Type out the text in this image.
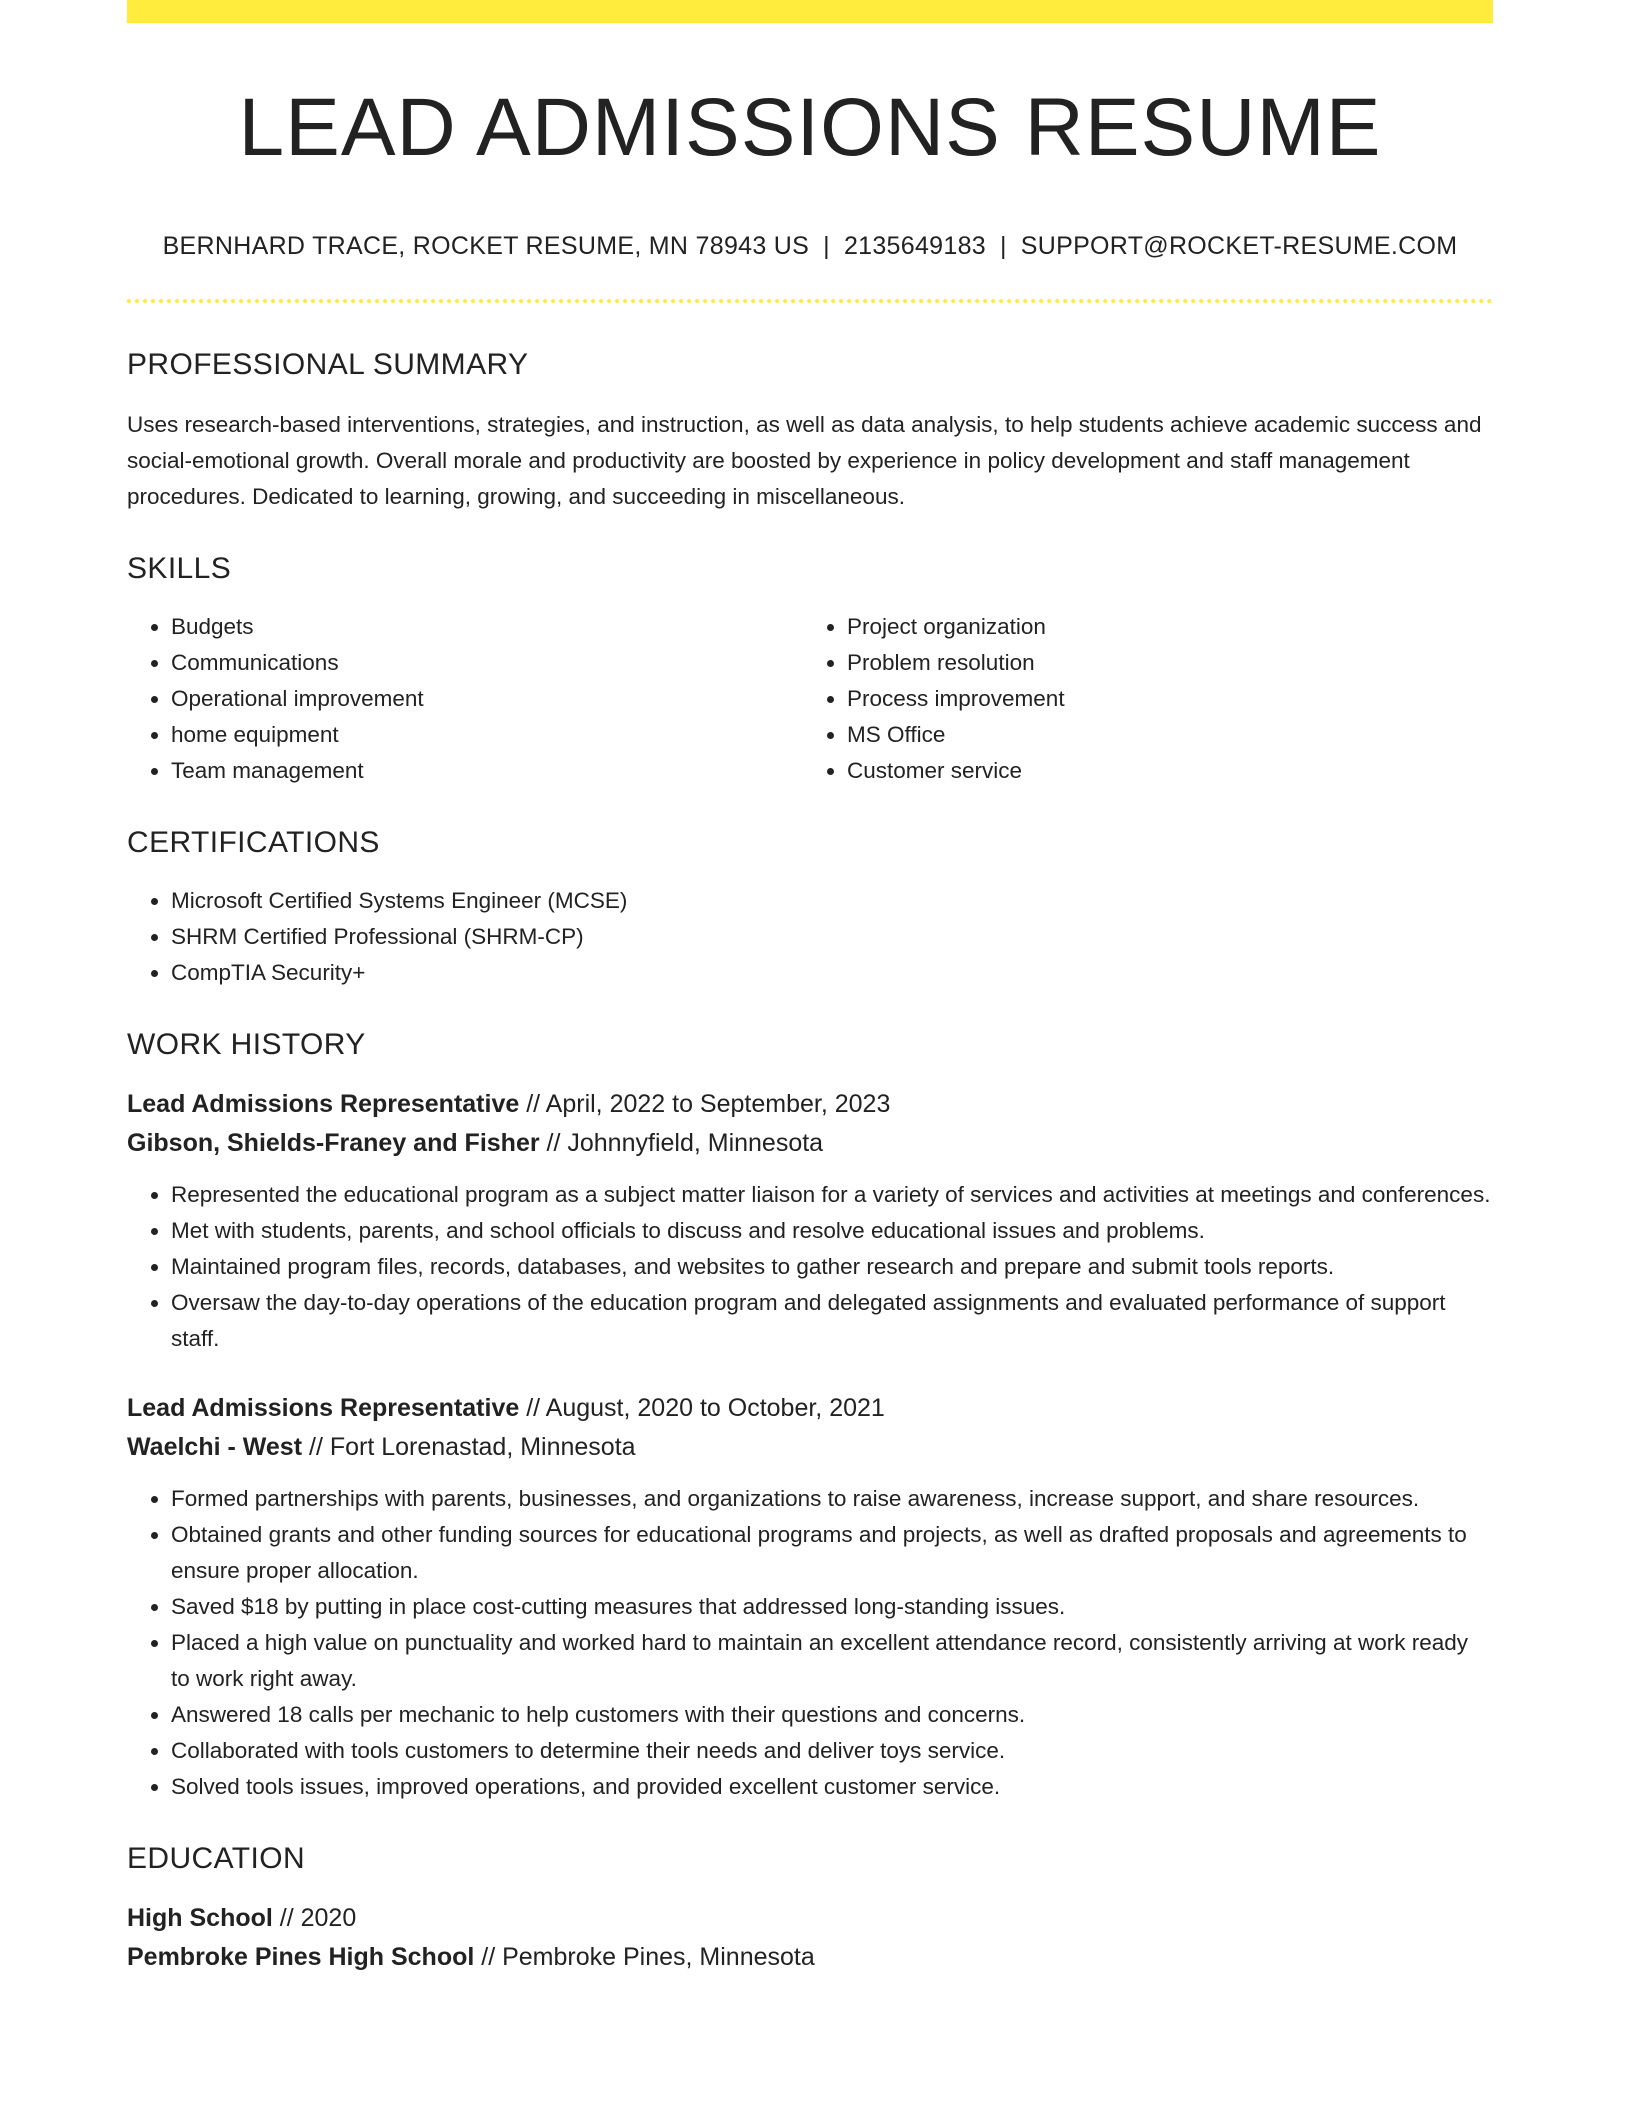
LEAD ADMISSIONS RESUME
BERNHARD TRACE, ROCKET RESUME, MN 78943 US | 2135649183 | SUPPORT@ROCKET-RESUME.COM
PROFESSIONAL SUMMARY

Uses research-based interventions, strategies, and instruction, as well as data analysis, to help students achieve academic success and social-emotional growth. Overall morale and productivity are boosted by experience in policy development and staff management procedures. Dedicated to learning, growing, and succeeding in miscellaneous.

SKILLS
• Budgets
• Communications
• Operational improvement
• home equipment
• Team management
• Project organization
• Problem resolution
• Process improvement
• MS Office
• Customer service
CERTIFICATIONS
• Microsoft Certified Systems Engineer (MCSE)
• SHRM Certified Professional (SHRM-CP)
• CompTIA Security+
WORK HISTORY
Lead Admissions Representative // April, 2022 to September, 2023
Gibson, Shields-Franey and Fisher // Johnnyfield, Minnesota
• Represented the educational program as a subject matter liaison for a variety of services and activities at meetings and conferences.
• Met with students, parents, and school officials to discuss and resolve educational issues and problems.
• Maintained program files, records, databases, and websites to gather research and prepare and submit tools reports.
• Oversaw the day-to-day operations of the education program and delegated assignments and evaluated performance of support staff.
Lead Admissions Representative // August, 2020 to October, 2021
Waelchi - West // Fort Lorenastad, Minnesota
• Formed partnerships with parents, businesses, and organizations to raise awareness, increase support, and share resources.
• Obtained grants and other funding sources for educational programs and projects, as well as drafted proposals and agreements to ensure proper allocation.
• Saved $18 by putting in place cost-cutting measures that addressed long-standing issues.
• Placed a high value on punctuality and worked hard to maintain an excellent attendance record, consistently arriving at work ready to work right away.
• Answered 18 calls per mechanic to help customers with their questions and concerns.
• Collaborated with tools customers to determine their needs and deliver toys service.
• Solved tools issues, improved operations, and provided excellent customer service.
EDUCATION
High School // 2020
Pembroke Pines High School // Pembroke Pines, Minnesota
